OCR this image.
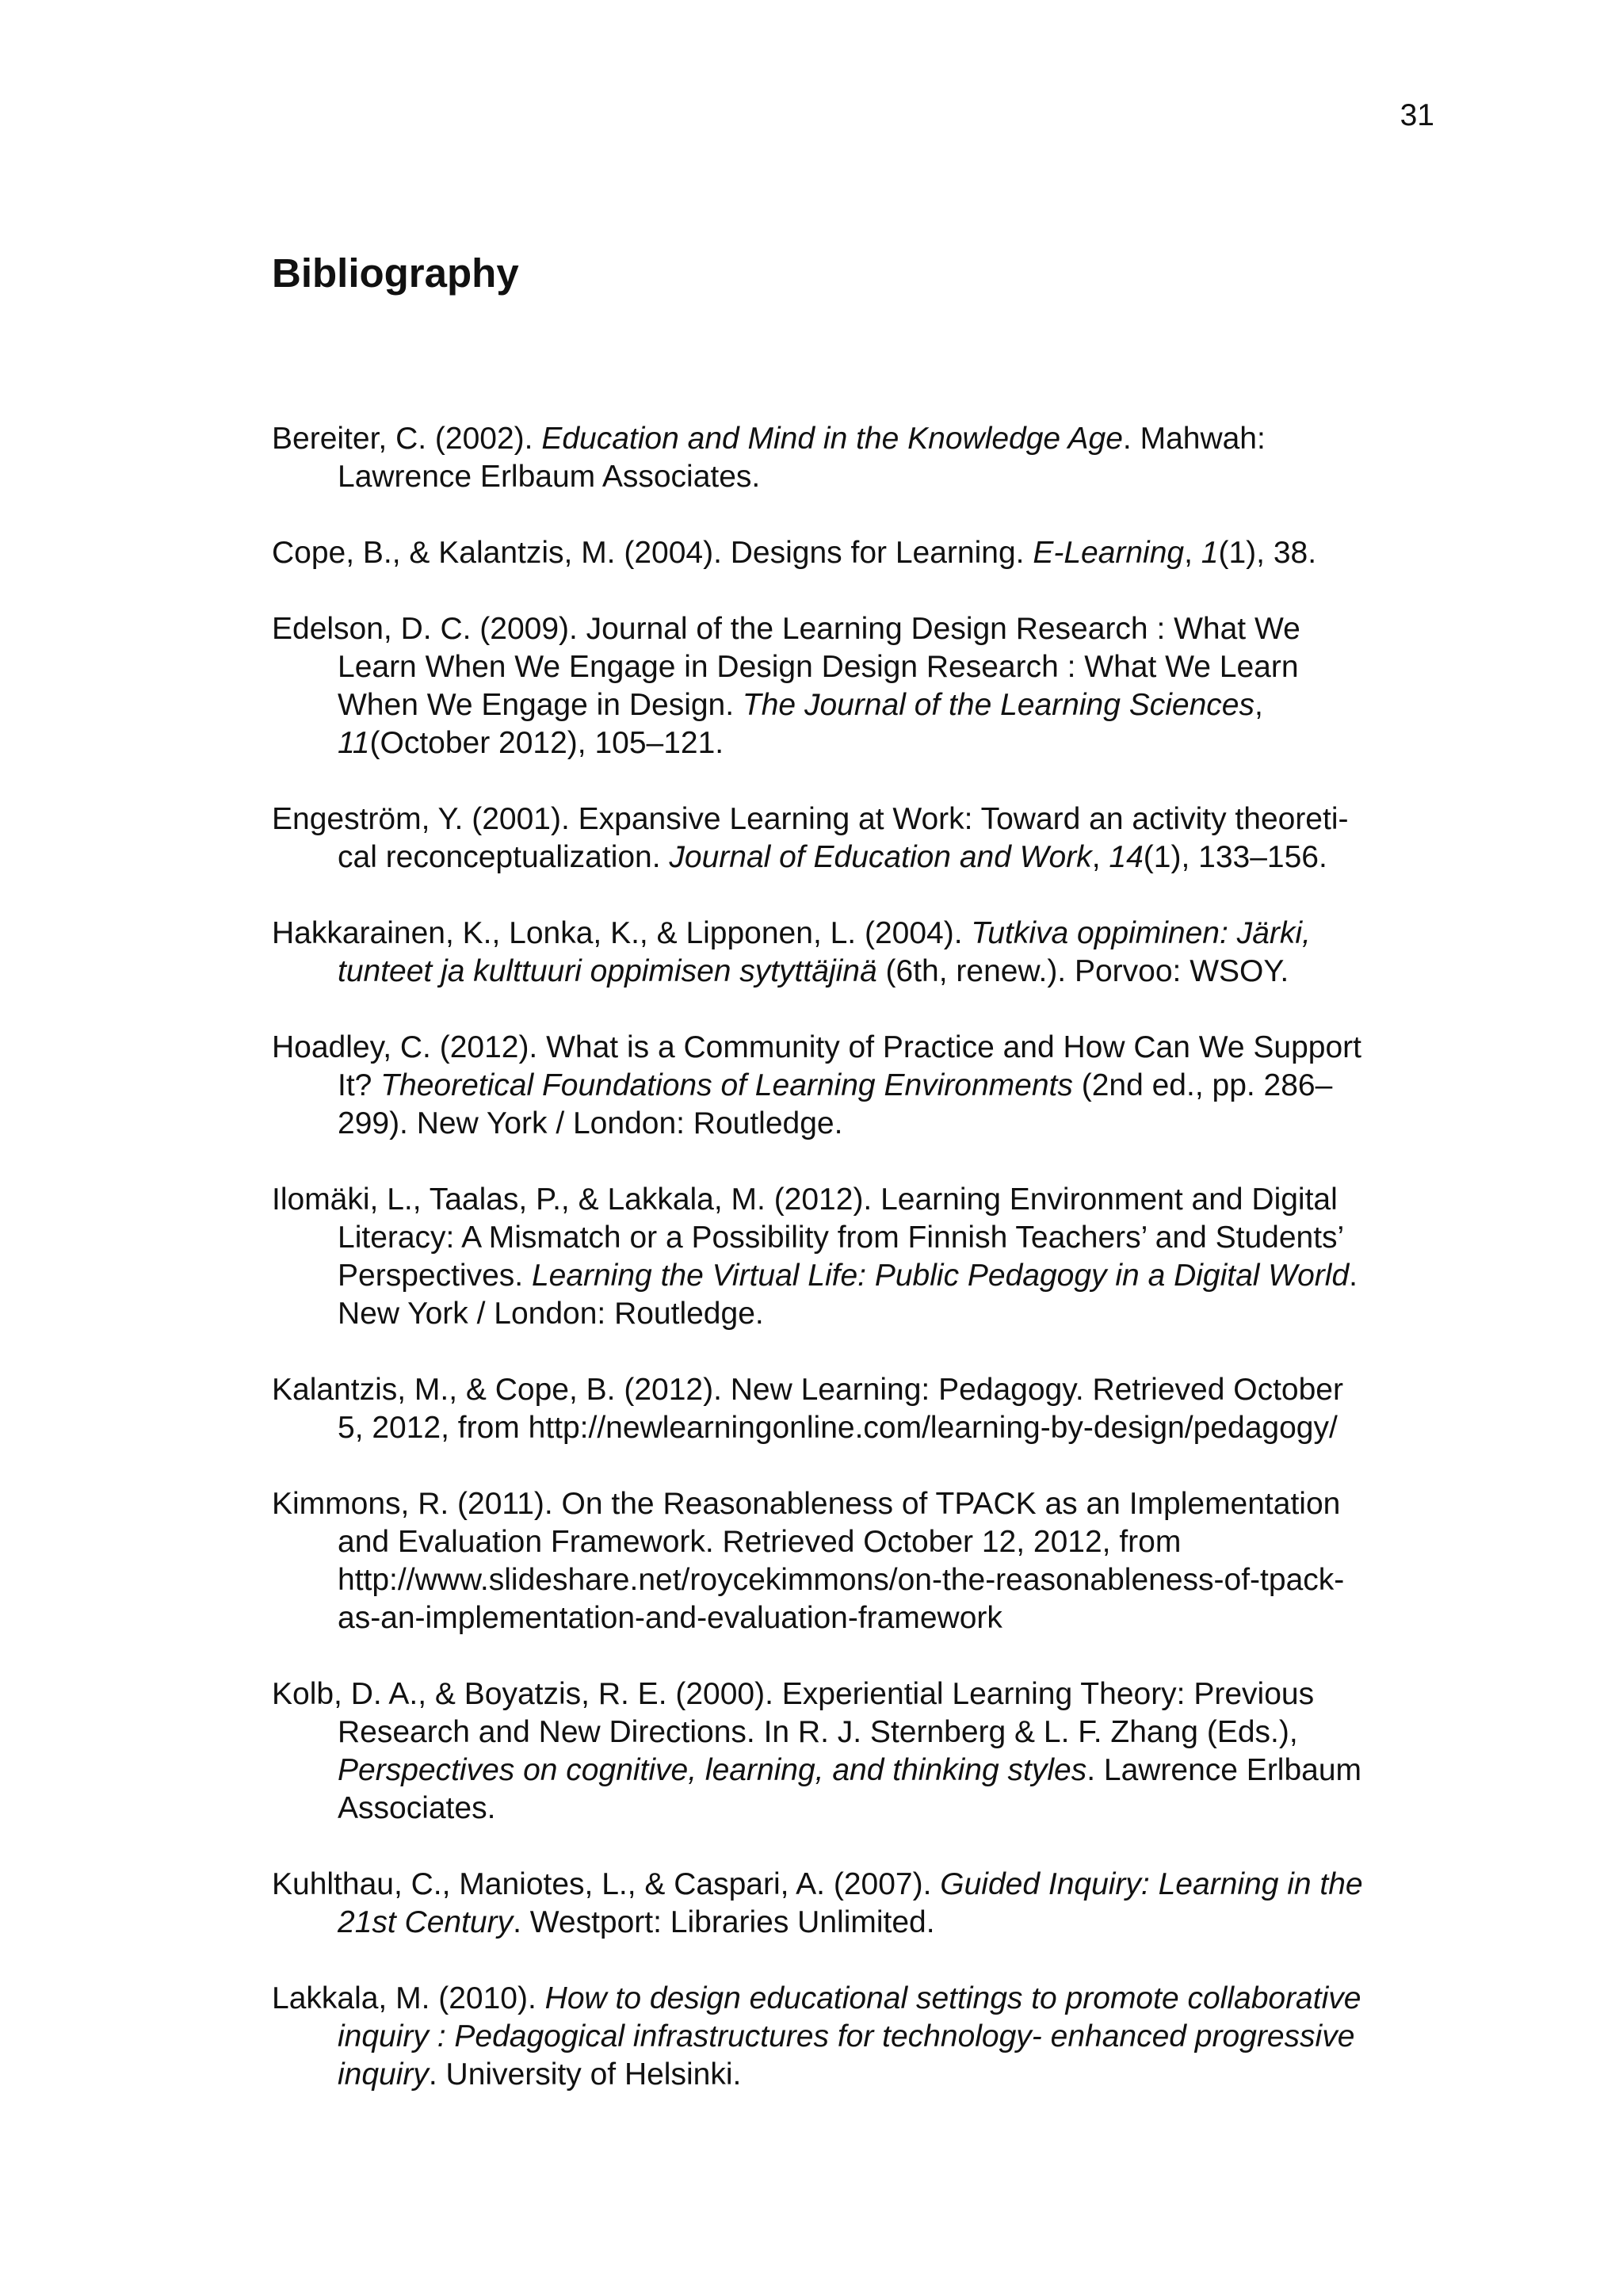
31

Bibliography
Bereiter, C. (2002). Education and Mind in the Knowledge Age. Mahwah:
Lawrence Erlbaum Associates.
Cope, B., & Kalantzis, M. (2004). Designs for Learning. E-Learning, 1(1), 38.
Edelson, D. C. (2009). Journal of the Learning Design Research : What We
Learn When We Engage in Design Design Research : What We Learn
When We Engage in Design. The Journal of the Learning Sciences,
11(October 2012), 105–121.
Engeström, Y. (2001). Expansive Learning at Work: Toward an activity theoreti-
cal reconceptualization. Journal of Education and Work, 14(1), 133–156.
Hakkarainen, K., Lonka, K., & Lipponen, L. (2004). Tutkiva oppiminen: Järki,
tunteet ja kulttuuri oppimisen sytyttäjinä (6th, renew.). Porvoo: WSOY.
Hoadley, C. (2012). What is a Community of Practice and How Can We Support
It? Theoretical Foundations of Learning Environments (2nd ed., pp. 286–
299). New York / London: Routledge.
Ilomäki, L., Taalas, P., & Lakkala, M. (2012). Learning Environment and Digital
Literacy: A Mismatch or a Possibility from Finnish Teachers’ and Students’
Perspectives. Learning the Virtual Life: Public Pedagogy in a Digital World.
New York / London: Routledge.
Kalantzis, M., & Cope, B. (2012). New Learning: Pedagogy. Retrieved October
5, 2012, from http://newlearningonline.com/learning-by-design/pedagogy/
Kimmons, R. (2011). On the Reasonableness of TPACK as an Implementation
and Evaluation Framework. Retrieved October 12, 2012, from
http://www.slideshare.net/roycekimmons/on-the-reasonableness-of-tpack-
as-an-implementation-and-evaluation-framework
Kolb, D. A., & Boyatzis, R. E. (2000). Experiential Learning Theory: Previous
Research and New Directions. In R. J. Sternberg & L. F. Zhang (Eds.),
Perspectives on cognitive, learning, and thinking styles. Lawrence Erlbaum
Associates.
Kuhlthau, C., Maniotes, L., & Caspari, A. (2007). Guided Inquiry: Learning in the
21st Century. Westport: Libraries Unlimited.
Lakkala, M. (2010). How to design educational settings to promote collaborative
inquiry : Pedagogical infrastructures for technology- enhanced progressive
inquiry. University of Helsinki.
